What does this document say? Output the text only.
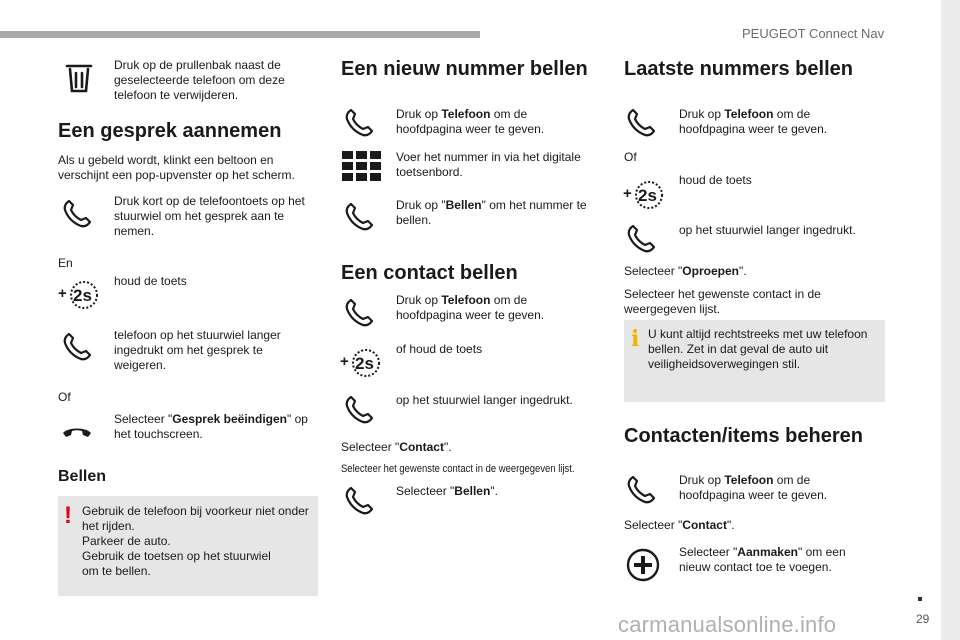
PEUGEOT Connect Nav
Druk op de prullenbak naast de geselecteerde telefoon om deze telefoon te verwijderen.
Een gesprek aannemen
Als u gebeld wordt, klinkt een beltoon en verschijnt een pop-upvenster op het scherm.
Druk kort op de telefoontoets op het stuurwiel om het gesprek aan te nemen.
En
+ 2s
houd de toets
telefoon op het stuurwiel langer ingedrukt om het gesprek te weigeren.
Of
Selecteer "Gesprek beëindigen" op het touchscreen.
Bellen
! Gebruik de telefoon bij voorkeur niet onder het rijden.
Parkeer de auto.
Gebruik de toetsen op het stuurwiel om te bellen.
Een nieuw nummer bellen
Druk op Telefoon om de hoofdpagina weer te geven.
Voer het nummer in via het digitale toetsenbord.
Druk op "Bellen" om het nummer te bellen.
Een contact bellen
Druk op Telefoon om de hoofdpagina weer te geven.
+ 2s
of houd de toets
op het stuurwiel langer ingedrukt.
Selecteer "Contact".
Selecteer het gewenste contact in de weergegeven lijst.
Selecteer "Bellen".
Laatste nummers bellen
Druk op Telefoon om de hoofdpagina weer te geven.
Of
+ 2s
houd de toets
op het stuurwiel langer ingedrukt.
Selecteer "Oproepen".
Selecteer het gewenste contact in de weergegeven lijst.
i U kunt altijd rechtstreeks met uw telefoon bellen. Zet in dat geval de auto uit veiligheidsoverwegingen stil.
Contacten/items beheren
Druk op Telefoon om de hoofdpagina weer te geven.
Selecteer "Contact".
Selecteer "Aanmaken" om een nieuw contact toe te voegen.
carmanualsonline.info	29
